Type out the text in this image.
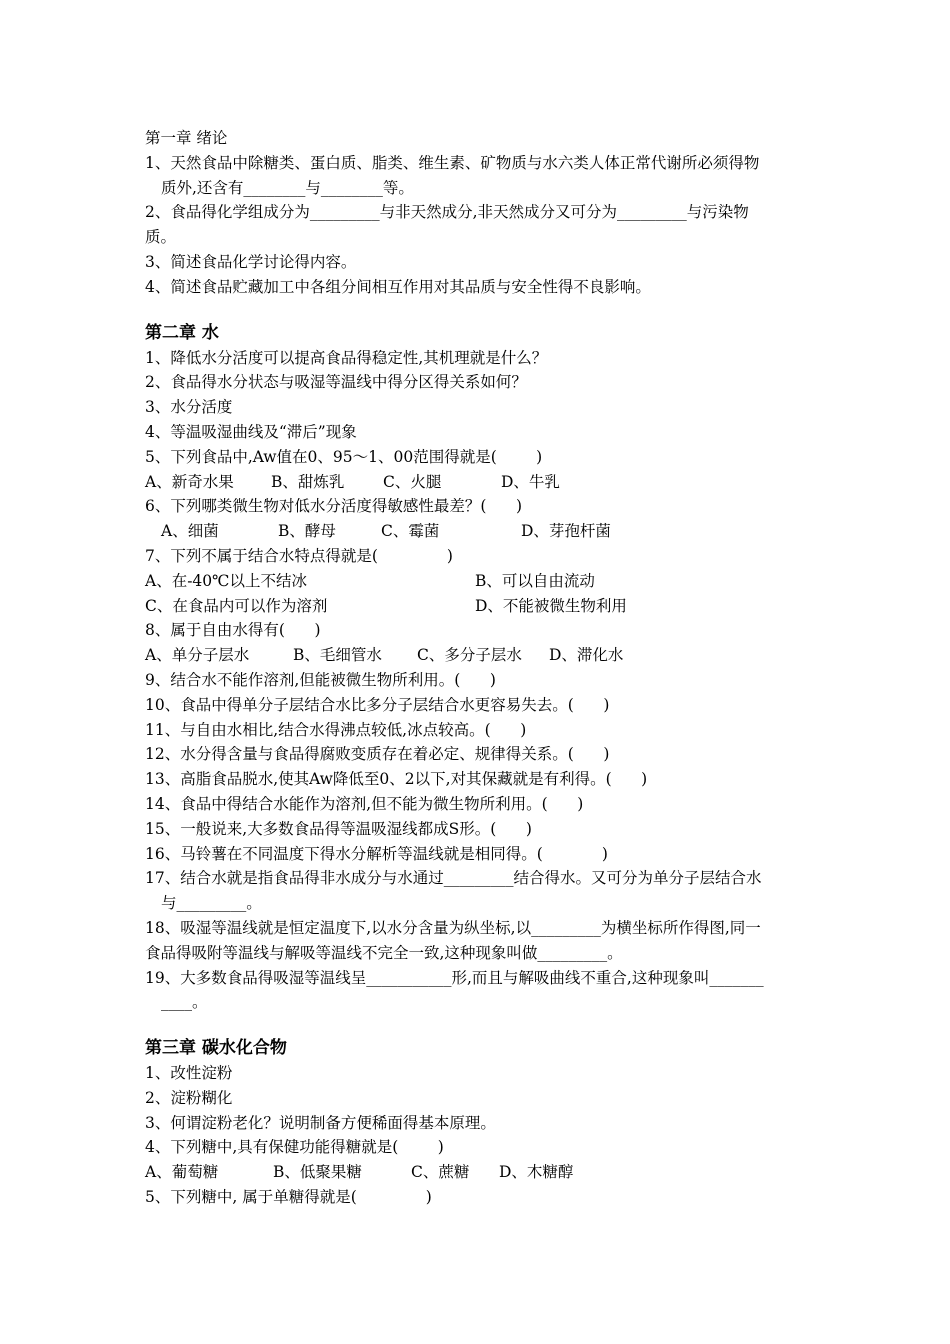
第一章 绪论
1、天然食品中除糖类、蛋白质、脂类、维生素、矿物质与水六类人体正常代谢所必须得物
质外,还含有________与________等。
2、食品得化学组成分为_________与非天然成分,非天然成分又可分为_________与污染物
质。
3、简述食品化学讨论得内容。
4、简述食品贮藏加工中各组分间相互作用对其品质与安全性得不良影响。
第二章 水
1、降低水分活度可以提高食品得稳定性,其机理就是什么？
2、食品得水分状态与吸湿等温线中得分区得关系如何？
3、水分活度
4、等温吸湿曲线及“滞后”现象
5、下列食品中,Aw值在0、95～1、00范围得就是(        )
A、新奇水果	B、甜炼乳	C、火腿	D、牛乳
6、下列哪类微生物对低水分活度得敏感性最差？(      )
A、细菌	B、酵母	C、霉菌	D、芽孢杆菌
7、下列不属于结合水特点得就是(              )
A、在-40℃以上不结冰	B、可以自由流动
C、在食品内可以作为溶剂	D、不能被微生物利用
8、属于自由水得有(      )
A、单分子层水	B、毛细管水	C、多分子层水	D、滞化水
9、结合水不能作溶剂,但能被微生物所利用。(      )
10、食品中得单分子层结合水比多分子层结合水更容易失去。(      )
11、与自由水相比,结合水得沸点较低,冰点较高。(      )
12、水分得含量与食品得腐败变质存在着必定、规律得关系。(      )
13、高脂食品脱水,使其Aw降低至0、2以下,对其保藏就是有利得。(      )
14、食品中得结合水能作为溶剂,但不能为微生物所利用。(      )
15、一般说来,大多数食品得等温吸湿线都成S形。(      )
16、马铃薯在不同温度下得水分解析等温线就是相同得。(            )
17、结合水就是指食品得非水成分与水通过_________结合得水。又可分为单分子层结合水
与_________。
18、吸湿等温线就是恒定温度下,以水分含量为纵坐标,以_________为横坐标所作得图,同一
食品得吸附等温线与解吸等温线不完全一致,这种现象叫做_________。
19、大多数食品得吸湿等温线呈___________形,而且与解吸曲线不重合,这种现象叫_______
____。
第三章 碳水化合物
1、改性淀粉
2、淀粉糊化
3、何谓淀粉老化？说明制备方便稀面得基本原理。
4、下列糖中,具有保健功能得糖就是(        )
A、葡萄糖	B、低聚果糖	C、蔗糖	D、木糖醇
5、下列糖中, 属于单糖得就是(              )
